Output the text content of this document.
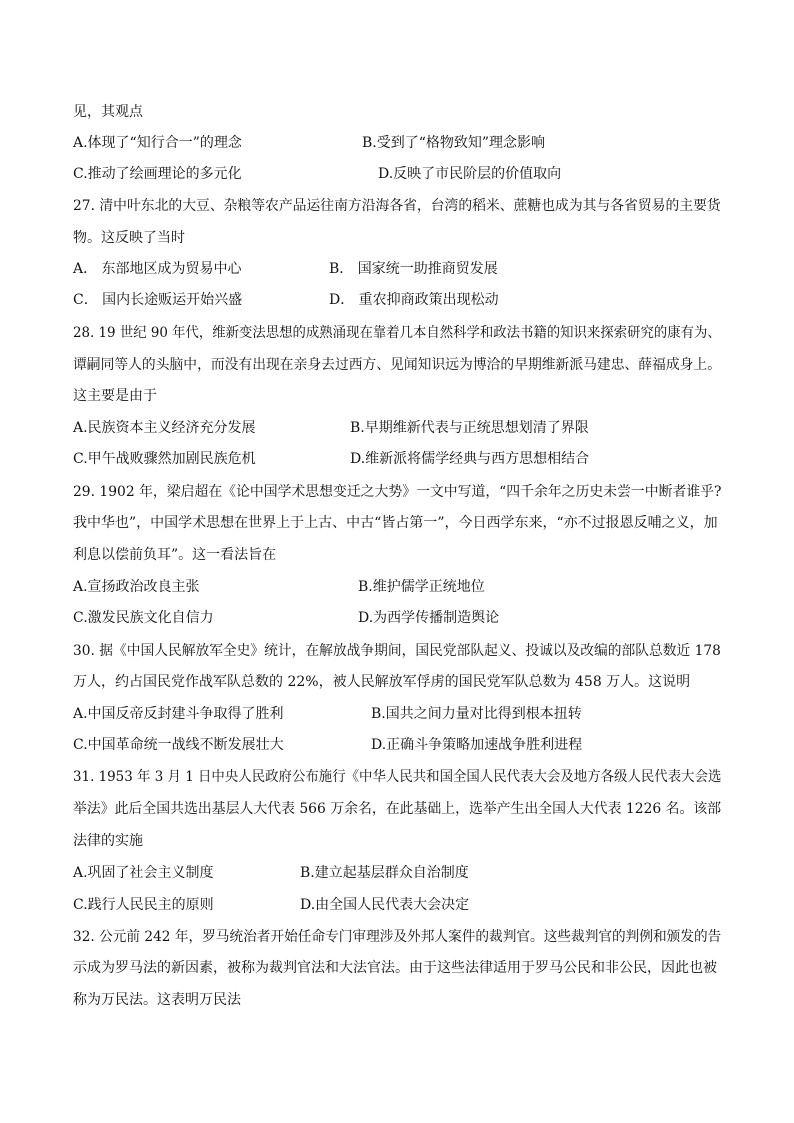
见，其观点
A.体现了“知行合一”的理念	B.受到了“格物致知”理念影响
C.推动了绘画理论的多元化	D.反映了市民阶层的价值取向
27. 清中叶东北的大豆、杂粮等农产品运往南方沿海各省，台湾的稻米、蔗糖也成为其与各省贸易的主要货
物。这反映了当时
A． 东部地区成为贸易中心	B． 国家统一助推商贸发展
C． 国内长途贩运开始兴盛	D． 重农抑商政策出现松动
28. 19 世纪 90 年代，维新变法思想的成熟涌现在靠着几本自然科学和政法书籍的知识来探索研究的康有为、
谭嗣同等人的头脑中，而没有出现在亲身去过西方、见闻知识远为博洽的早期维新派马建忠、薛福成身上。
这主要是由于
A.民族资本主义经济充分发展	B.早期维新代表与正统思想划清了界限
C.甲午战败骤然加剧民族危机	D.维新派将儒学经典与西方思想相结合
29. 1902 年，梁启超在《论中国学术思想变迁之大势》一文中写道，“四千余年之历史未尝一中断者谁乎?
我中华也”，中国学术思想在世界上于上古、中古“皆占第一”，今日西学东来，“亦不过报恩反哺之义，加
利息以偿前负耳”。这一看法旨在
A.宣扬政治改良主张	B.维护儒学正统地位
C.激发民族文化自信力	D.为西学传播制造舆论
30. 据《中国人民解放军全史》统计，在解放战争期间，国民党部队起义、投诚以及改编的部队总数近 178
万人，约占国民党作战军队总数的 22%，被人民解放军俘虏的国民党军队总数为 458 万人。这说明
A.中国反帝反封建斗争取得了胜利	B.国共之间力量对比得到根本扭转
C.中国革命统一战线不断发展壮大	D.正确斗争策略加速战争胜利进程
31. 1953 年 3 月 1 日中央人民政府公布施行《中华人民共和国全国人民代表大会及地方各级人民代表大会选
举法》此后全国共选出基层人大代表 566 万余名，在此基础上，选举产生出全国人大代表 1226 名。该部
法律的实施
A.巩固了社会主义制度	B.建立起基层群众自治制度
C.践行人民民主的原则	D.由全国人民代表大会决定
32. 公元前 242 年，罗马统治者开始任命专门审理涉及外邦人案件的裁判官。这些裁判官的判例和颁发的告
示成为罗马法的新因素，被称为裁判官法和大法官法。由于这些法律适用于罗马公民和非公民，因此也被
称为万民法。这表明万民法
